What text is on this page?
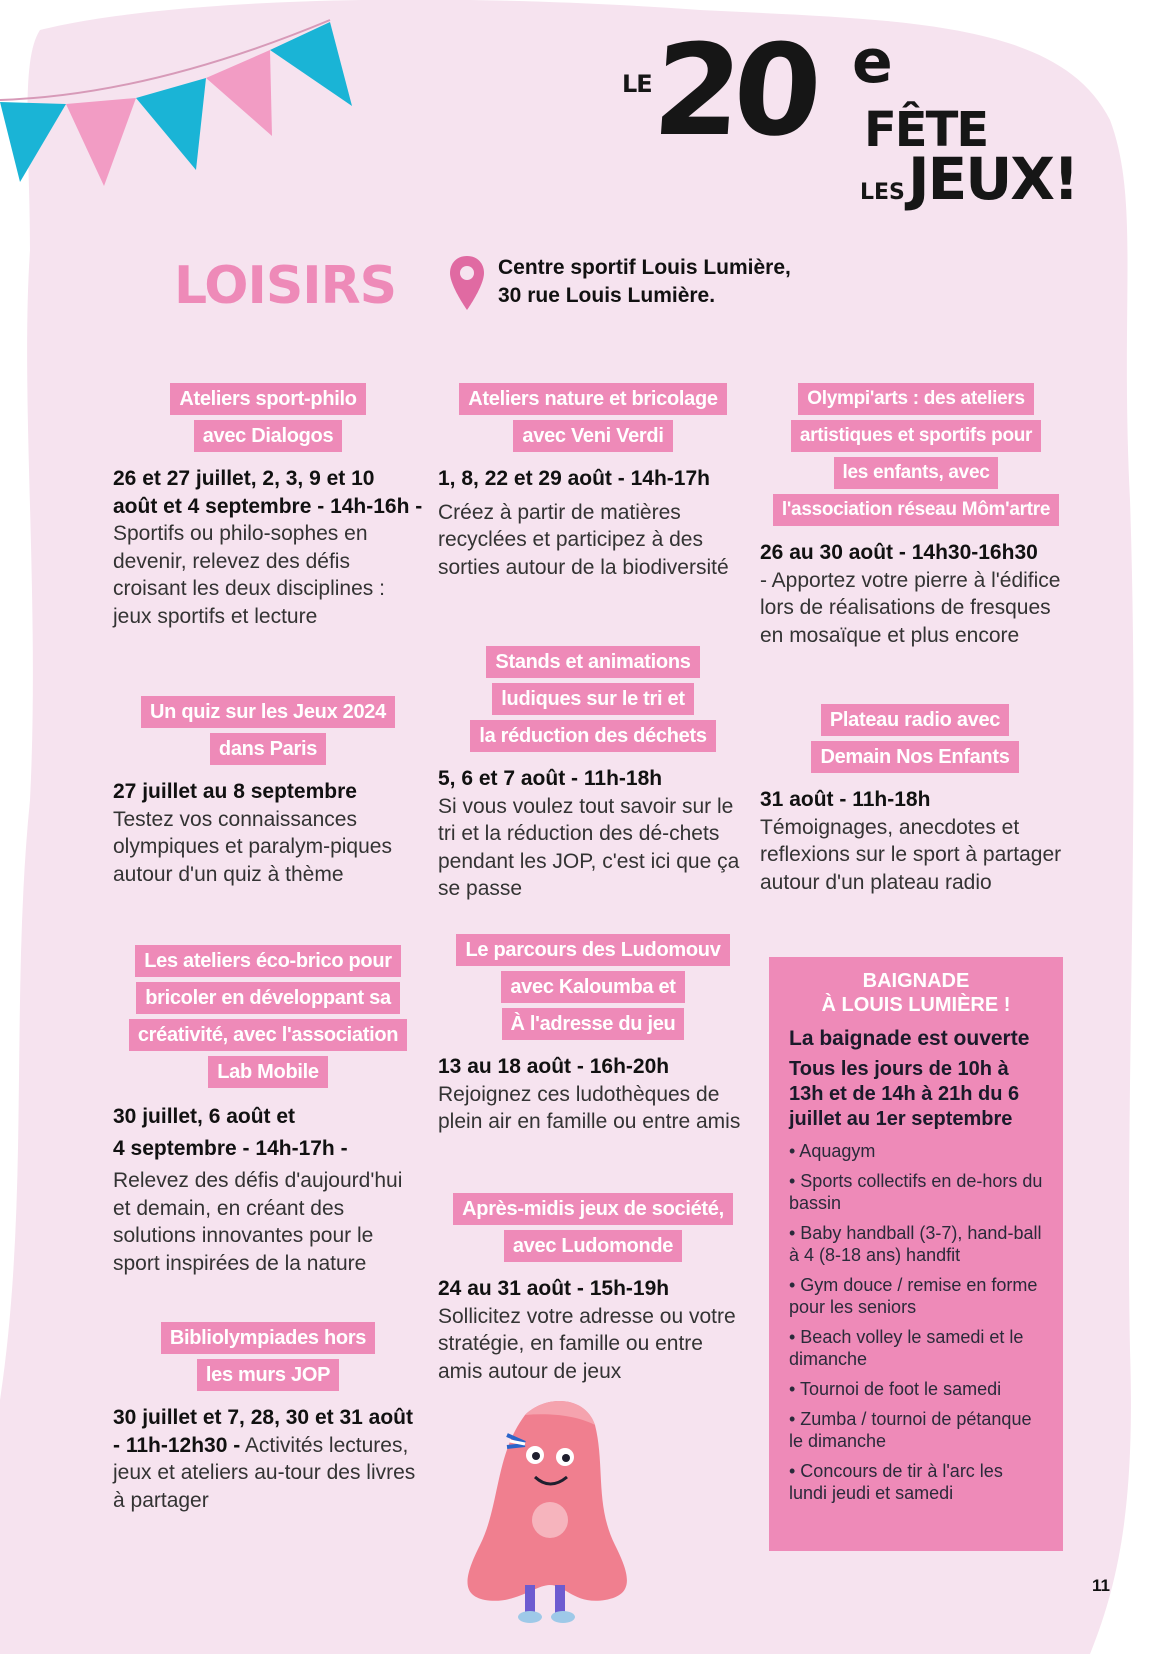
LE
20 e
FÊTE
LES JEUX!
LOISIRS	Centre sportif Louis Lumière,
30 rue Louis Lumière.
Ateliers sport-philo
avec Dialogos
26 et 27 juillet, 2, 3, 9 et 10 août et 4 septembre - 14h-16h - Sportifs ou philo-sophes en devenir, relevez des défis croisant les deux disciplines : jeux sportifs et lecture
Un quiz sur les Jeux 2024
dans Paris
27 juillet au 8 septembre
Testez vos connaissances olympiques et paralym-piques autour d'un quiz à thème
Les ateliers éco-brico pour
bricoler en développant sa
créativité, avec l'association
Lab Mobile
30 juillet, 6 août et
4 septembre - 14h-17h -
Relevez des défis d'aujourd'hui et demain, en créant des solutions innovantes pour le sport inspirées de la nature
Bibliolympiades hors
les murs JOP
30 juillet et 7, 28, 30 et 31 août - 11h-12h30 - Activités lectures, jeux et ateliers au-tour des livres à partager
Ateliers nature et bricolage
avec Veni Verdi
1, 8, 22 et 29 août - 14h-17h
Créez à partir de matières recyclées et participez à des sorties autour de la biodiversité
Stands et animations
ludiques sur le tri et
la réduction des déchets
5, 6 et 7 août - 11h-18h
Si vous voulez tout savoir sur le tri et la réduction des dé-chets pendant les JOP, c'est ici que ça se passe
Le parcours des Ludomouv
avec Kaloumba et
À l'adresse du jeu
13 au 18 août - 16h-20h
Rejoignez ces ludothèques de plein air en famille ou entre amis
Après-midis jeux de société,
avec Ludomonde
24 au 31 août - 15h-19h
Sollicitez votre adresse ou votre stratégie, en famille ou entre amis autour de jeux
Olympi'arts : des ateliers
artistiques et sportifs pour
les enfants, avec
l'association réseau Môm'artre
26 au 30 août - 14h30-16h30
- Apportez votre pierre à l'édifice lors de réalisations de fresques en mosaïque et plus encore
Plateau radio avec
Demain Nos Enfants
31 août - 11h-18h
Témoignages, anecdotes et reflexions sur le sport à partager autour d'un plateau radio
BAIGNADE
À LOUIS LUMIÈRE !
La baignade est ouverte
Tous les jours de 10h à 13h et de 14h à 21h du 6 juillet au 1er septembre
• Aquagym
• Sports collectifs en de-hors du bassin
• Baby handball (3-7), hand-ball à 4 (8-18 ans) handfit
• Gym douce / remise en forme pour les seniors
• Beach volley le samedi et le dimanche
• Tournoi de foot le samedi
• Zumba / tournoi de pétanque le dimanche
• Concours de tir à l'arc les lundi jeudi et samedi
11
